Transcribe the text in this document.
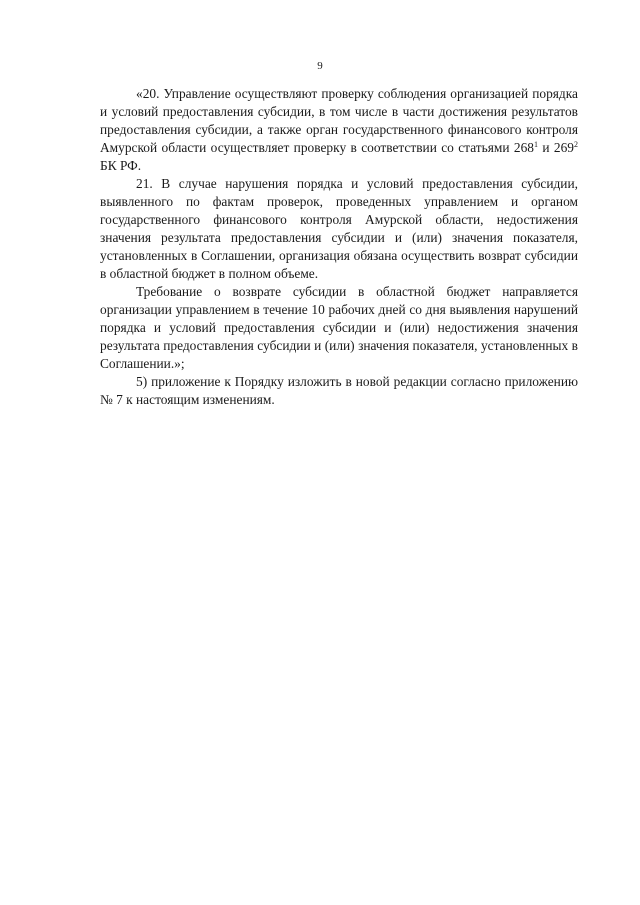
9

«20. Управление осуществляют проверку соблюдения организацией порядка и условий предоставления субсидии, в том числе в части достижения результатов предоставления субсидии, а также орган государственного финансового контроля Амурской области осуществляет проверку в соответствии со статьями $268^1$ и $269^2$ БК РФ.

21. В случае нарушения порядка и условий предоставления субсидии, выявленного по фактам проверок, проведенных управлением и органом государственного финансового контроля Амурской области, недостижения значения результата предоставления субсидии и (или) значения показателя, установленных в Соглашении, организация обязана осуществить возврат субсидии в областной бюджет в полном объеме.

Требование о возврате субсидии в областной бюджет направляется организации управлением в течение 10 рабочих дней со дня выявления нарушений порядка и условий предоставления субсидии и (или) недостижения значения результата предоставления субсидии и (или) значения показателя, установленных в Соглашении.»;

5) приложение к Порядку изложить в новой редакции согласно приложению № 7 к настоящим изменениям.
